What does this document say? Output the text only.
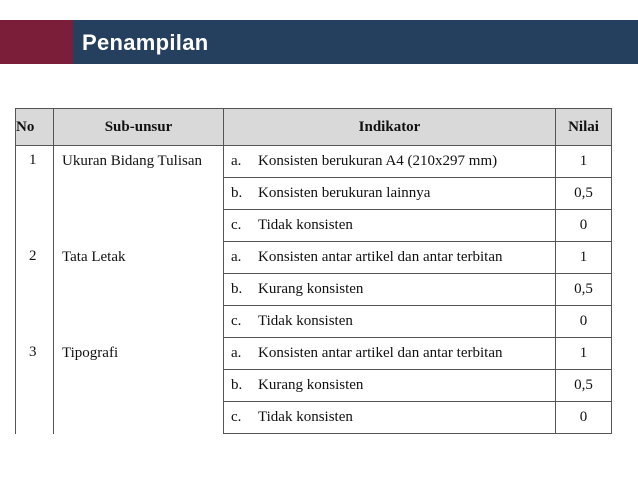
Penampilan
No	Sub-unsur	Indikator	Nilai
1	Ukuran Bidang Tulisan	a. Konsisten berukuran A4 (210x297 mm)	1
		b. Konsisten berukuran lainnya	0,5
		c. Tidak konsisten	0
2	Tata Letak	a. Konsisten antar artikel dan antar terbitan	1
		b. Kurang konsisten	0,5
		c. Tidak konsisten	0
3	Tipografi	a. Konsisten antar artikel dan antar terbitan	1
		b. Kurang konsisten	0,5
		c. Tidak konsisten	0
